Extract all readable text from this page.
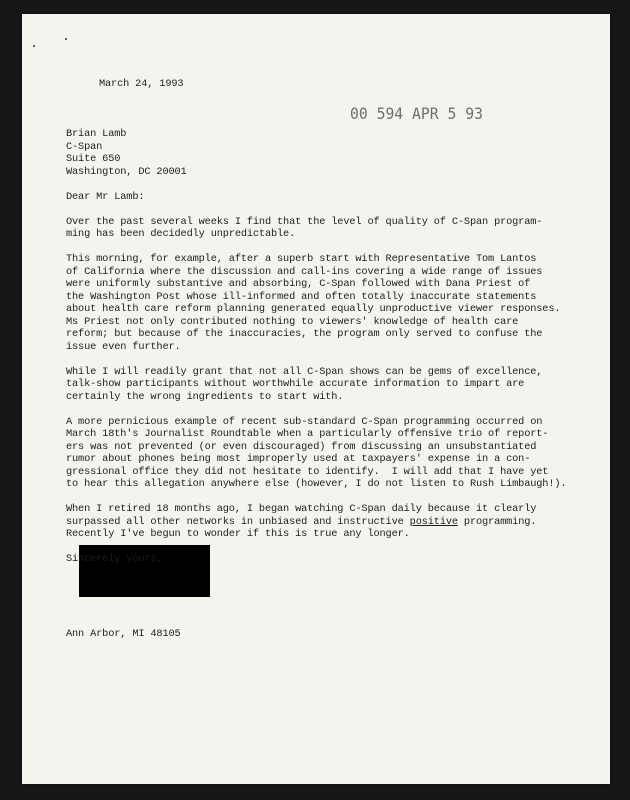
00 594 APR 5 93
March 24, 1993
Brian Lamb
C-Span
Suite 650
Washington, DC 20001
Dear Mr Lamb:
Over the past several weeks I find that the level of quality of C-Span program-
ming has been decidedly unpredictable.
This morning, for example, after a superb start with Representative Tom Lantos
of California where the discussion and call-ins covering a wide range of issues
were uniformly substantive and absorbing, C-Span followed with Dana Priest of
the Washington Post whose ill-informed and often totally inaccurate statements
about health care reform planning generated equally unproductive viewer responses.
Ms Priest not only contributed nothing to viewers' knowledge of health care
reform; but because of the inaccuracies, the program only served to confuse the
issue even further.
While I will readily grant that not all C-Span shows can be gems of excellence,
talk-show participants without worthwhile accurate information to impart are
certainly the wrong ingredients to start with.
A more pernicious example of recent sub-standard C-Span programming occurred on
March 18th's Journalist Roundtable when a particularly offensive trio of report-
ers was not prevented (or even discouraged) from discussing an unsubstantiated
rumor about phones being most improperly used at taxpayers' expense in a con-
gressional office they did not hesitate to identify.  I will add that I have yet
to hear this allegation anywhere else (however, I do not listen to Rush Limbaugh!).
When I retired 18 months ago, I began watching C-Span daily because it clearly
surpassed all other networks in unbiased and instructive positive programming.
Recently I've begun to wonder if this is true any longer.
Sincerely yours,
Ann Arbor, MI 48105
